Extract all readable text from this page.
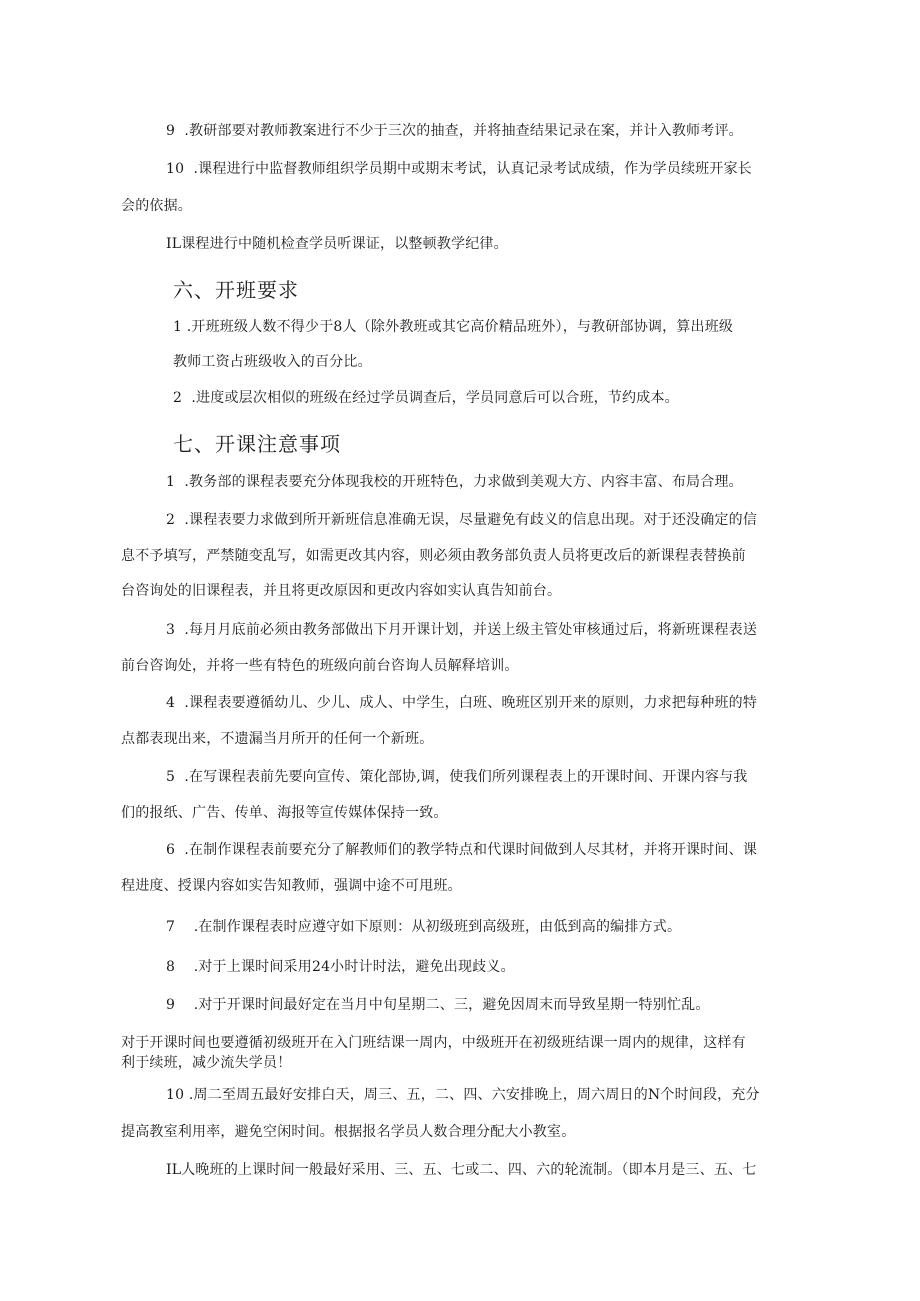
9  .教研部要对教师教案进行不少于三次的抽查，并将抽查结果记录在案，并计入教师考评。
10  .课程进行中监督教师组织学员期中或期末考试，认真记录考试成绩，作为学员续班开家长
会的依据。
IL课程进行中随机检查学员听课证，以整顿教学纪律。
六、开班要求
1 .开班班级人数不得少于8人（除外教班或其它高价精品班外），与教研部协调，算出班级
教师工资占班级收入的百分比。
2  .进度或层次相似的班级在经过学员调查后，学员同意后可以合班，节约成本。
七、开课注意事项
1  .教务部的课程表要充分体现我校的开班特色，力求做到美观大方、内容丰富、布局合理。
2  .课程表要力求做到所开新班信息准确无误，尽量避免有歧义的信息出现。对于还没确定的信
息不予填写，严禁随变乱写，如需更改其内容，则必须由教务部负责人员将更改后的新课程表替换前
台咨询处的旧课程表，并且将更改原因和更改内容如实认真告知前台。
3  .每月月底前必须由教务部做出下月开课计划，并送上级主管处审核通过后，将新班课程表送
前台咨询处，并将一些有特色的班级向前台咨询人员解释培训。
4  .课程表要遵循幼儿、少儿、成人、中学生，白班、晚班区别开来的原则，力求把每种班的特
点都表现出来，不遗漏当月所开的任何一个新班。
5  .在写课程表前先要向宣传、策化部协,调，使我们所列课程表上的开课时间、开课内容与我
们的报纸、广告、传单、海报等宣传媒体保持一致。
6  .在制作课程表前要充分了解教师们的教学特点和代课时间做到人尽其材，并将开课时间、课
程进度、授课内容如实告知教师，强调中途不可甩班。
7    .在制作课程表时应遵守如下原则：从初级班到高级班，由低到高的编排方式。
8    .对于上课时间采用24小时计时法，避免出现歧义。
9    .对于开课时间最好定在当月中旬星期二、三，避免因周末而导致星期一特别忙乱。
对于开课时间也要遵循初级班开在入门班结课一周内，中级班开在初级班结课一周内的规律，这样有
利于续班，减少流失学员！
10 .周二至周五最好安排白天，周三、五，二、四、六安排晚上，周六周日的N个时间段，充分
提高教室利用率，避免空闲时间。根据报名学员人数合理分配大小教室。
IL人晚班的上课时间一般最好采用、三、五、七或二、四、六的轮流制。（即本月是三、五、七
